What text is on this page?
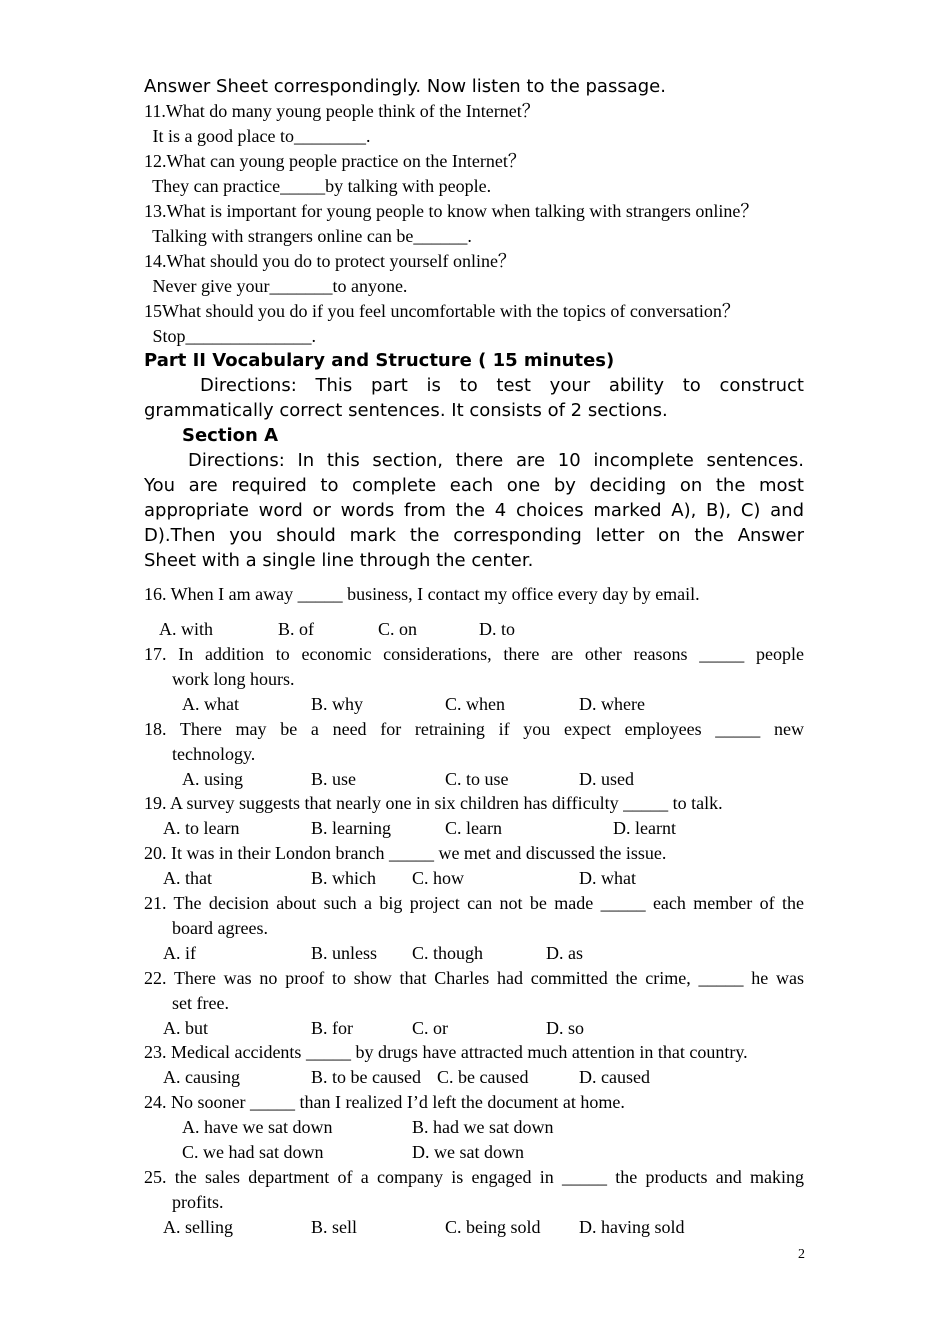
Answer Sheet correspondingly. Now listen to the passage.
11.What do many young people think of the Internet？
It is a good place to________.
12.What can young people practice on the Internet？
They can practice_____by talking with people.
13.What is important for young people to know when talking with strangers online？
Talking with strangers online can be______.
14.What should you do to protect yourself online？
Never give your_______to anyone.
15What should you do if you feel uncomfortable with the topics of conversation？
Stop______________.
Part II Vocabulary and Structure ( 15 minutes)
Directions: This part is to test your ability to construct
grammatically correct sentences. It consists of 2 sections.
Section A
Directions: In this section, there are 10 incomplete sentences.
You are required to complete each one by deciding on the most
appropriate word or words from the 4 choices marked A), B), C) and
D).Then you should mark the corresponding letter on the Answer
Sheet with a single line through the center.
16. When I am away _____ business, I contact my office every day by email.
A. with	B. of	C. on	D. to
17. In addition to economic considerations, there are other reasons _____ people
work long hours.
A. what	B. why	C. when	D. where
18. There may be a need for retraining if you expect employees _____ new
technology.
A. using	B. use	C. to use	D. used
19. A survey suggests that nearly one in six children has difficulty _____ to talk.
A. to learn	B. learning	C. learn	D. learnt
20. It was in their London branch _____ we met and discussed the issue.
A. that	B. which C. how	D. what
21. The decision about such a big project can not be made _____ each member of the
board agrees.
A. if	B. unless C. though	D. as
22. There was no proof to show that Charles had committed the crime, _____ he was
set free.
A. but	B. for	C. or	D. so
23. Medical accidents _____ by drugs have attracted much attention in that country.
A. causing	B. to be caused C. be caused	D. caused
24. No sooner _____ than I realized I’d left the document at home.
A. have we sat down	B. had we sat down
C. we had sat down	D. we sat down
25. the sales department of a company is engaged in _____ the products and making
profits.
A. selling	B. sell	C. being sold D. having sold
2
